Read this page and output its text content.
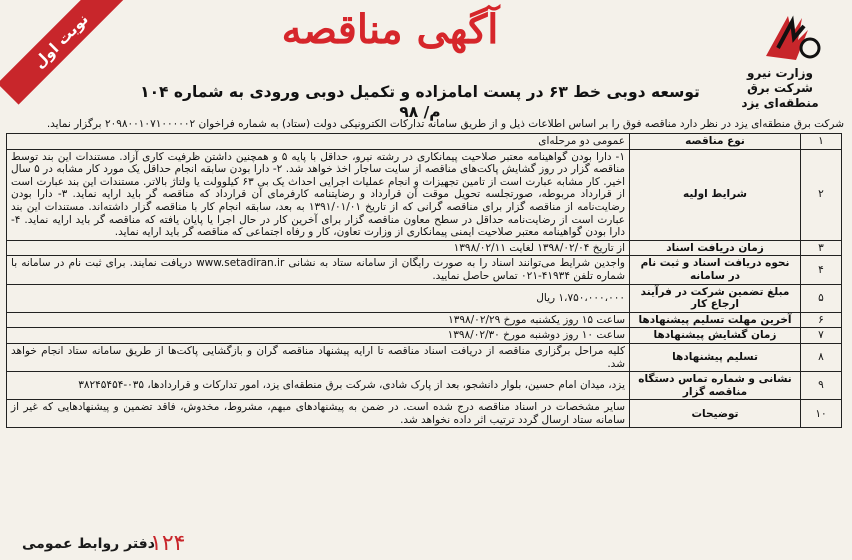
نوبت اول
وزارت نیرو
شرکت برق منطقه‌ای یزد
آگهی مناقصه
توسعه دوبی خط ۶۳ در پست امامزاده و تکمیل دوبی ورودی به شماره ۱۰۴ م/ ۹۸
شرکت برق منطقه‌ای یزد در نظر دارد مناقصه فوق را بر اساس اطلاعات ذیل و از طریق سامانه تدارکات الکترونیکی دولت (ستاد) به شماره فراخوان ۲۰۹۸۰۰۱۰۷۱۰۰۰۰۰۲ برگزار نماید.
۱	نوع مناقصه	عمومی دو مرحله‌ای
۲	شرایط اولیه	۱- دارا بودن گواهینامه معتبر صلاحیت پیمانکاری در رشته نیرو، حداقل با پایه ۵ و همچنین داشتن ظرفیت کاری آزاد. مستندات این بند توسط مناقصه گزار در روز گشایش پاکت‌های مناقصه از سایت ساجار اخذ خواهد شد. ۲- دارا بودن سابقه انجام حداقل یک مورد کار مشابه در ۵ سال اخیر. کار مشابه عبارت است از تامین تجهیزات و انجام عملیات اجرایی احداث یک بی ۶۳ کیلوولت یا ولتاژ بالاتر. مستندات این بند عبارت است از قرارداد مربوطه، صورتجلسه تحویل موقت آن قرارداد و رضایتنامه کارفرمای آن قرارداد که مناقصه گر باید ارایه نماید. ۳- دارا بودن رضایت‌نامه از مناقصه گزار برای مناقصه گرانی که از تاریخ ۱۳۹۱/۰۱/۰۱ به بعد، سابقه انجام کار با مناقصه گزار داشته‌اند. مستندات این بند عبارت است از رضایت‌نامه حداقل در سطح معاون مناقصه گزار برای آخرین کار در حال اجرا یا پایان یافته که مناقصه گر باید ارایه نماید. ۴- دارا بودن گواهینامه معتبر صلاحیت ایمنی پیمانکاری از وزارت تعاون، کار و رفاه اجتماعی که مناقصه گر باید ارایه نماید.
۳	زمان دریافت اسناد	از تاریخ ۱۳۹۸/۰۲/۰۴ لغایت ۱۳۹۸/۰۲/۱۱
۴	نحوه دریافت اسناد و ثبت نام در سامانه	واجدین شرایط می‌توانند اسناد را به صورت رایگان از سامانه ستاد به نشانی www.setadiran.ir دریافت نمایند. برای ثبت نام در سامانه با شماره تلفن ۴۱۹۳۴-۰۲۱ تماس حاصل نمایید.
۵	مبلغ تضمین شرکت در فرآیند ارجاع کار	۱،۷۵۰،۰۰۰،۰۰۰ ریال
۶	آخرین مهلت تسلیم پیشنهادها	ساعت ۱۵ روز یکشنبه مورخ ۱۳۹۸/۰۲/۲۹
۷	زمان گشایش پیشنهادها	ساعت ۱۰ روز دوشنبه مورخ ۱۳۹۸/۰۲/۳۰
۸	تسلیم پیشنهادها	کلیه مراحل برگزاری مناقصه از دریافت اسناد مناقصه تا ارایه پیشنهاد مناقصه گران و بازگشایی پاکت‌ها از طریق سامانه ستاد انجام خواهد شد.
۹	نشانی و شماره تماس دستگاه مناقصه گزار	یزد، میدان امام حسین، بلوار دانشجو، بعد از پارک شادی، شرکت برق منطقه‌ای یزد، امور تدارکات و قراردادها، ۰۳۵-۳۸۲۴۵۴۵۴
۱۰	توضیحات	سایر مشخصات در اسناد مناقصه درج شده است. در ضمن به پیشنهادهای مبهم، مشروط، مخدوش، فاقد تضمین و پیشنهادهایی که غیر از سامانه ستاد ارسال گردد ترتیب اثر داده نخواهد شد.
۱۲۴
دفتر روابط عمومی
